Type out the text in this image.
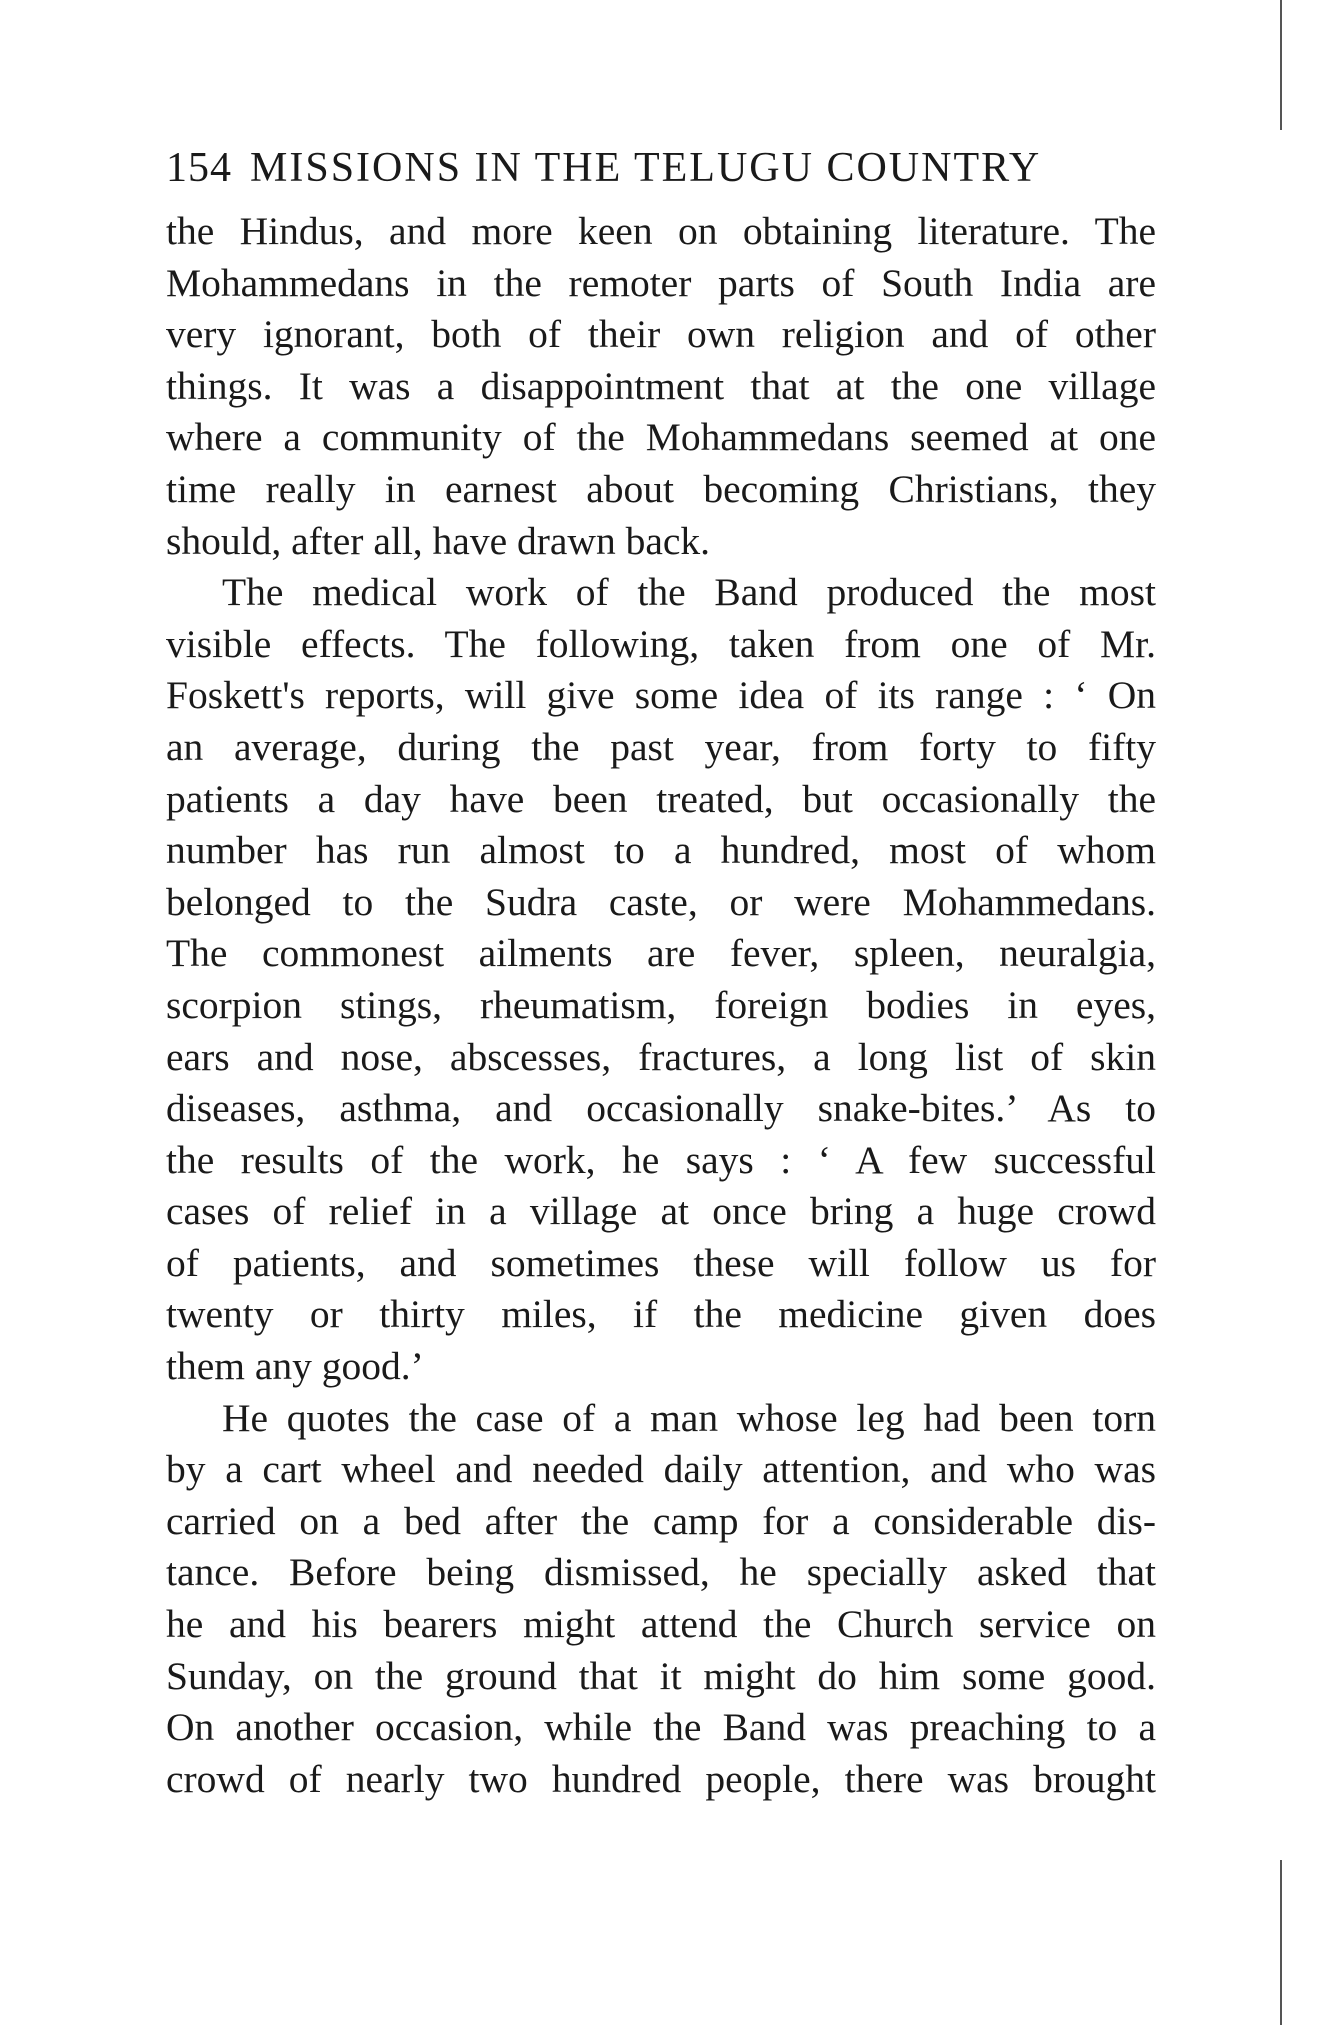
154 MISSIONS IN THE TELUGU COUNTRY
the Hindus, and more keen on obtaining literature. The
Mohammedans in the remoter parts of South India are
very ignorant, both of their own religion and of other
things. It was a disappointment that at the one village
where a community of the Mohammedans seemed at one
time really in earnest about becoming Christians, they
should, after all, have drawn back.
The medical work of the Band produced the most
visible effects. The following, taken from one of Mr.
Foskett's reports, will give some idea of its range : ‘ On
an average, during the past year, from forty to fifty
patients a day have been treated, but occasionally the
number has run almost to a hundred, most of whom
belonged to the Sudra caste, or were Mohammedans.
The commonest ailments are fever, spleen, neuralgia,
scorpion stings, rheumatism, foreign bodies in eyes,
ears and nose, abscesses, fractures, a long list of skin
diseases, asthma, and occasionally snake-bites.’ As to
the results of the work, he says : ‘ A few successful
cases of relief in a village at once bring a huge crowd
of patients, and sometimes these will follow us for
twenty or thirty miles, if the medicine given does
them any good.’
He quotes the case of a man whose leg had been torn
by a cart wheel and needed daily attention, and who was
carried on a bed after the camp for a considerable dis-
tance. Before being dismissed, he specially asked that
he and his bearers might attend the Church service on
Sunday, on the ground that it might do him some good.
On another occasion, while the Band was preaching to a
crowd of nearly two hundred people, there was brought
